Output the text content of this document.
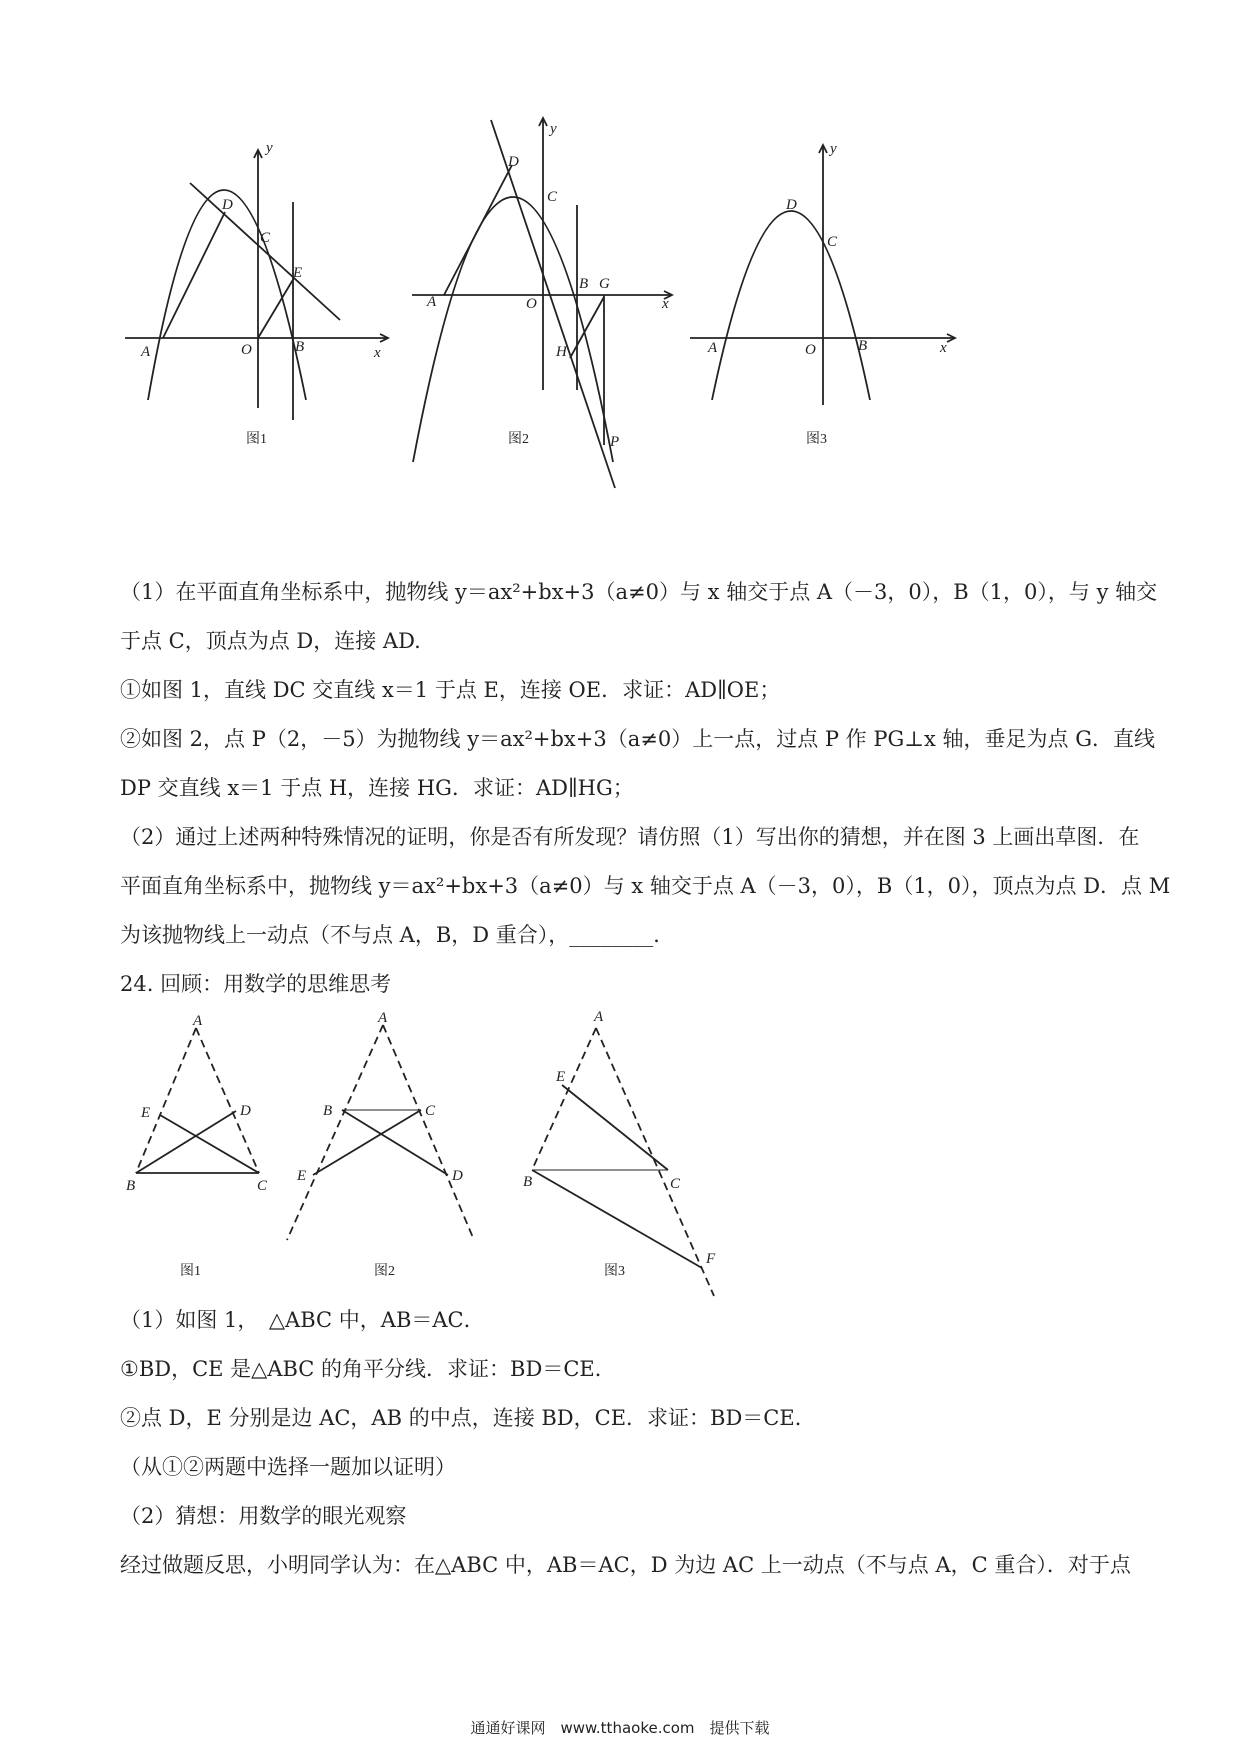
y
x
D
C
E
A	O	B
图1
y
x
D
C
A	O
B G
H
P
图2
y
x
D
C
A	O	B
图3
（1）在平面直角坐标系中，抛物线 y＝ax²+bx+3（a≠0）与 x 轴交于点 A（－3，0），B（1，0），与 y 轴交
于点 C，顶点为点 D，连接 AD.
①如图 1，直线 DC 交直线 x＝1 于点 E，连接 OE．求证：AD∥OE；
②如图 2，点 P（2，－5）为抛物线 y＝ax²+bx+3（a≠0）上一点，过点 P 作 PG⊥x 轴，垂足为点 G．直线
DP 交直线 x＝1 于点 H，连接 HG．求证：AD∥HG；
（2）通过上述两种特殊情况的证明，你是否有所发现？请仿照（1）写出你的猜想，并在图 3 上画出草图．在
平面直角坐标系中，抛物线 y＝ax²+bx+3（a≠0）与 x 轴交于点 A（－3，0），B（1，0），顶点为点 D．点 M
为该抛物线上一动点（不与点 A，B，D 重合），________．
24. 回顾：用数学的思维思考
A
E	D
B	C
图1
A
B	C
E	D
图2
A
E
B	C
F
图3
（1）如图 1，　△ABC 中，AB＝AC．
①BD，CE 是△ABC 的角平分线．求证：BD＝CE．
②点 D，E 分别是边 AC，AB 的中点，连接 BD，CE．求证：BD＝CE．
（从①②两题中选择一题加以证明）
（2）猜想：用数学的眼光观察
经过做题反思，小明同学认为：在△ABC 中，AB＝AC，D 为边 AC 上一动点（不与点 A，C 重合）．对于点
通通好课网　www.tthaoke.com　提供下载
